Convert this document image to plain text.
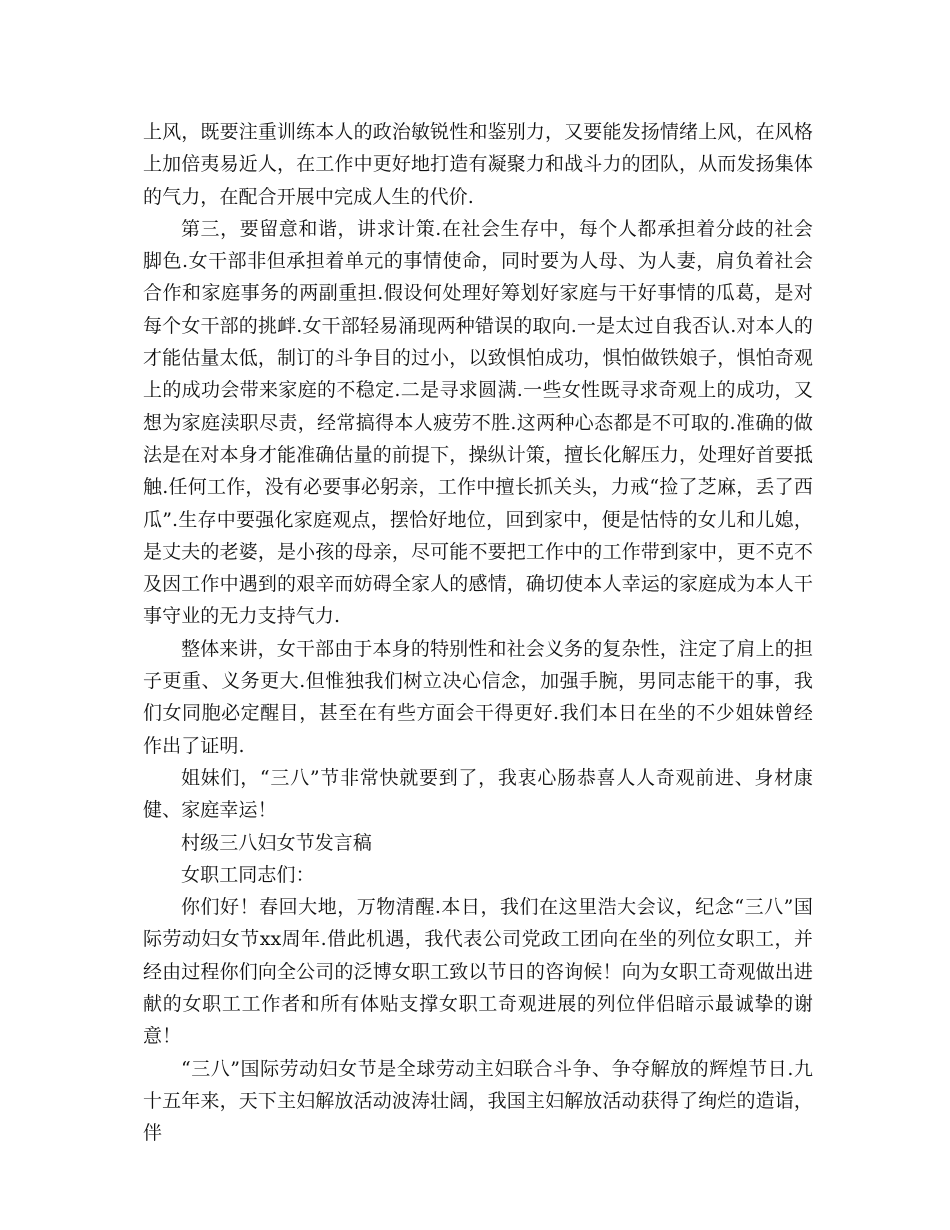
上风，既要注重训练本人的政治敏锐性和鉴别力，又要能发扬情绪上风，在风格上加倍夷易近人，在工作中更好地打造有凝聚力和战斗力的团队，从而发扬集体的气力，在配合开展中完成人生的代价.

第三，要留意和谐，讲求计策.在社会生存中，每个人都承担着分歧的社会脚色.女干部非但承担着单元的事情使命，同时要为人母、为人妻，肩负着社会合作和家庭事务的两副重担.假设何处理好筹划好家庭与干好事情的瓜葛，是对每个女干部的挑衅.女干部轻易涌现两种错误的取向.一是太过自我否认.对本人的才能估量太低，制订的斗争目的过小，以致惧怕成功，惧怕做铁娘子，惧怕奇观上的成功会带来家庭的不稳定.二是寻求圆满.一些女性既寻求奇观上的成功，又想为家庭渎职尽责，经常搞得本人疲劳不胜.这两种心态都是不可取的.准确的做法是在对本身才能准确估量的前提下，操纵计策，擅长化解压力，处理好首要抵触.任何工作，没有必要事必躬亲，工作中擅长抓关头，力戒“捡了芝麻，丢了西瓜”.生存中要强化家庭观点，摆恰好地位，回到家中，便是怙恃的女儿和儿媳，是丈夫的老婆，是小孩的母亲，尽可能不要把工作中的工作带到家中，更不克不及因工作中遇到的艰辛而妨碍全家人的感情，确切使本人幸运的家庭成为本人干事守业的无力支持气力.

整体来讲，女干部由于本身的特别性和社会义务的复杂性，注定了肩上的担子更重、义务更大.但惟独我们树立决心信念，加强手腕，男同志能干的事，我们女同胞必定醒目，甚至在有些方面会干得更好.我们本日在坐的不少姐妹曾经作出了证明.

姐妹们，“三八”节非常快就要到了，我衷心肠恭喜人人奇观前进、身材康健、家庭幸运！

村级三八妇女节发言稿

女职工同志们：

你们好！春回大地，万物清醒.本日，我们在这里浩大会议，纪念“三八”国际劳动妇女节xx周年.借此机遇，我代表公司党政工团向在坐的列位女职工，并经由过程你们向全公司的泛博女职工致以节日的咨询候！向为女职工奇观做出进献的女职工工作者和所有体贴支撑女职工奇观进展的列位伴侣暗示最诚挚的谢意！

“三八”国际劳动妇女节是全球劳动主妇联合斗争、争夺解放的辉煌节日.九十五年来，天下主妇解放活动波涛壮阔，我国主妇解放活动获得了绚烂的造诣，伴
